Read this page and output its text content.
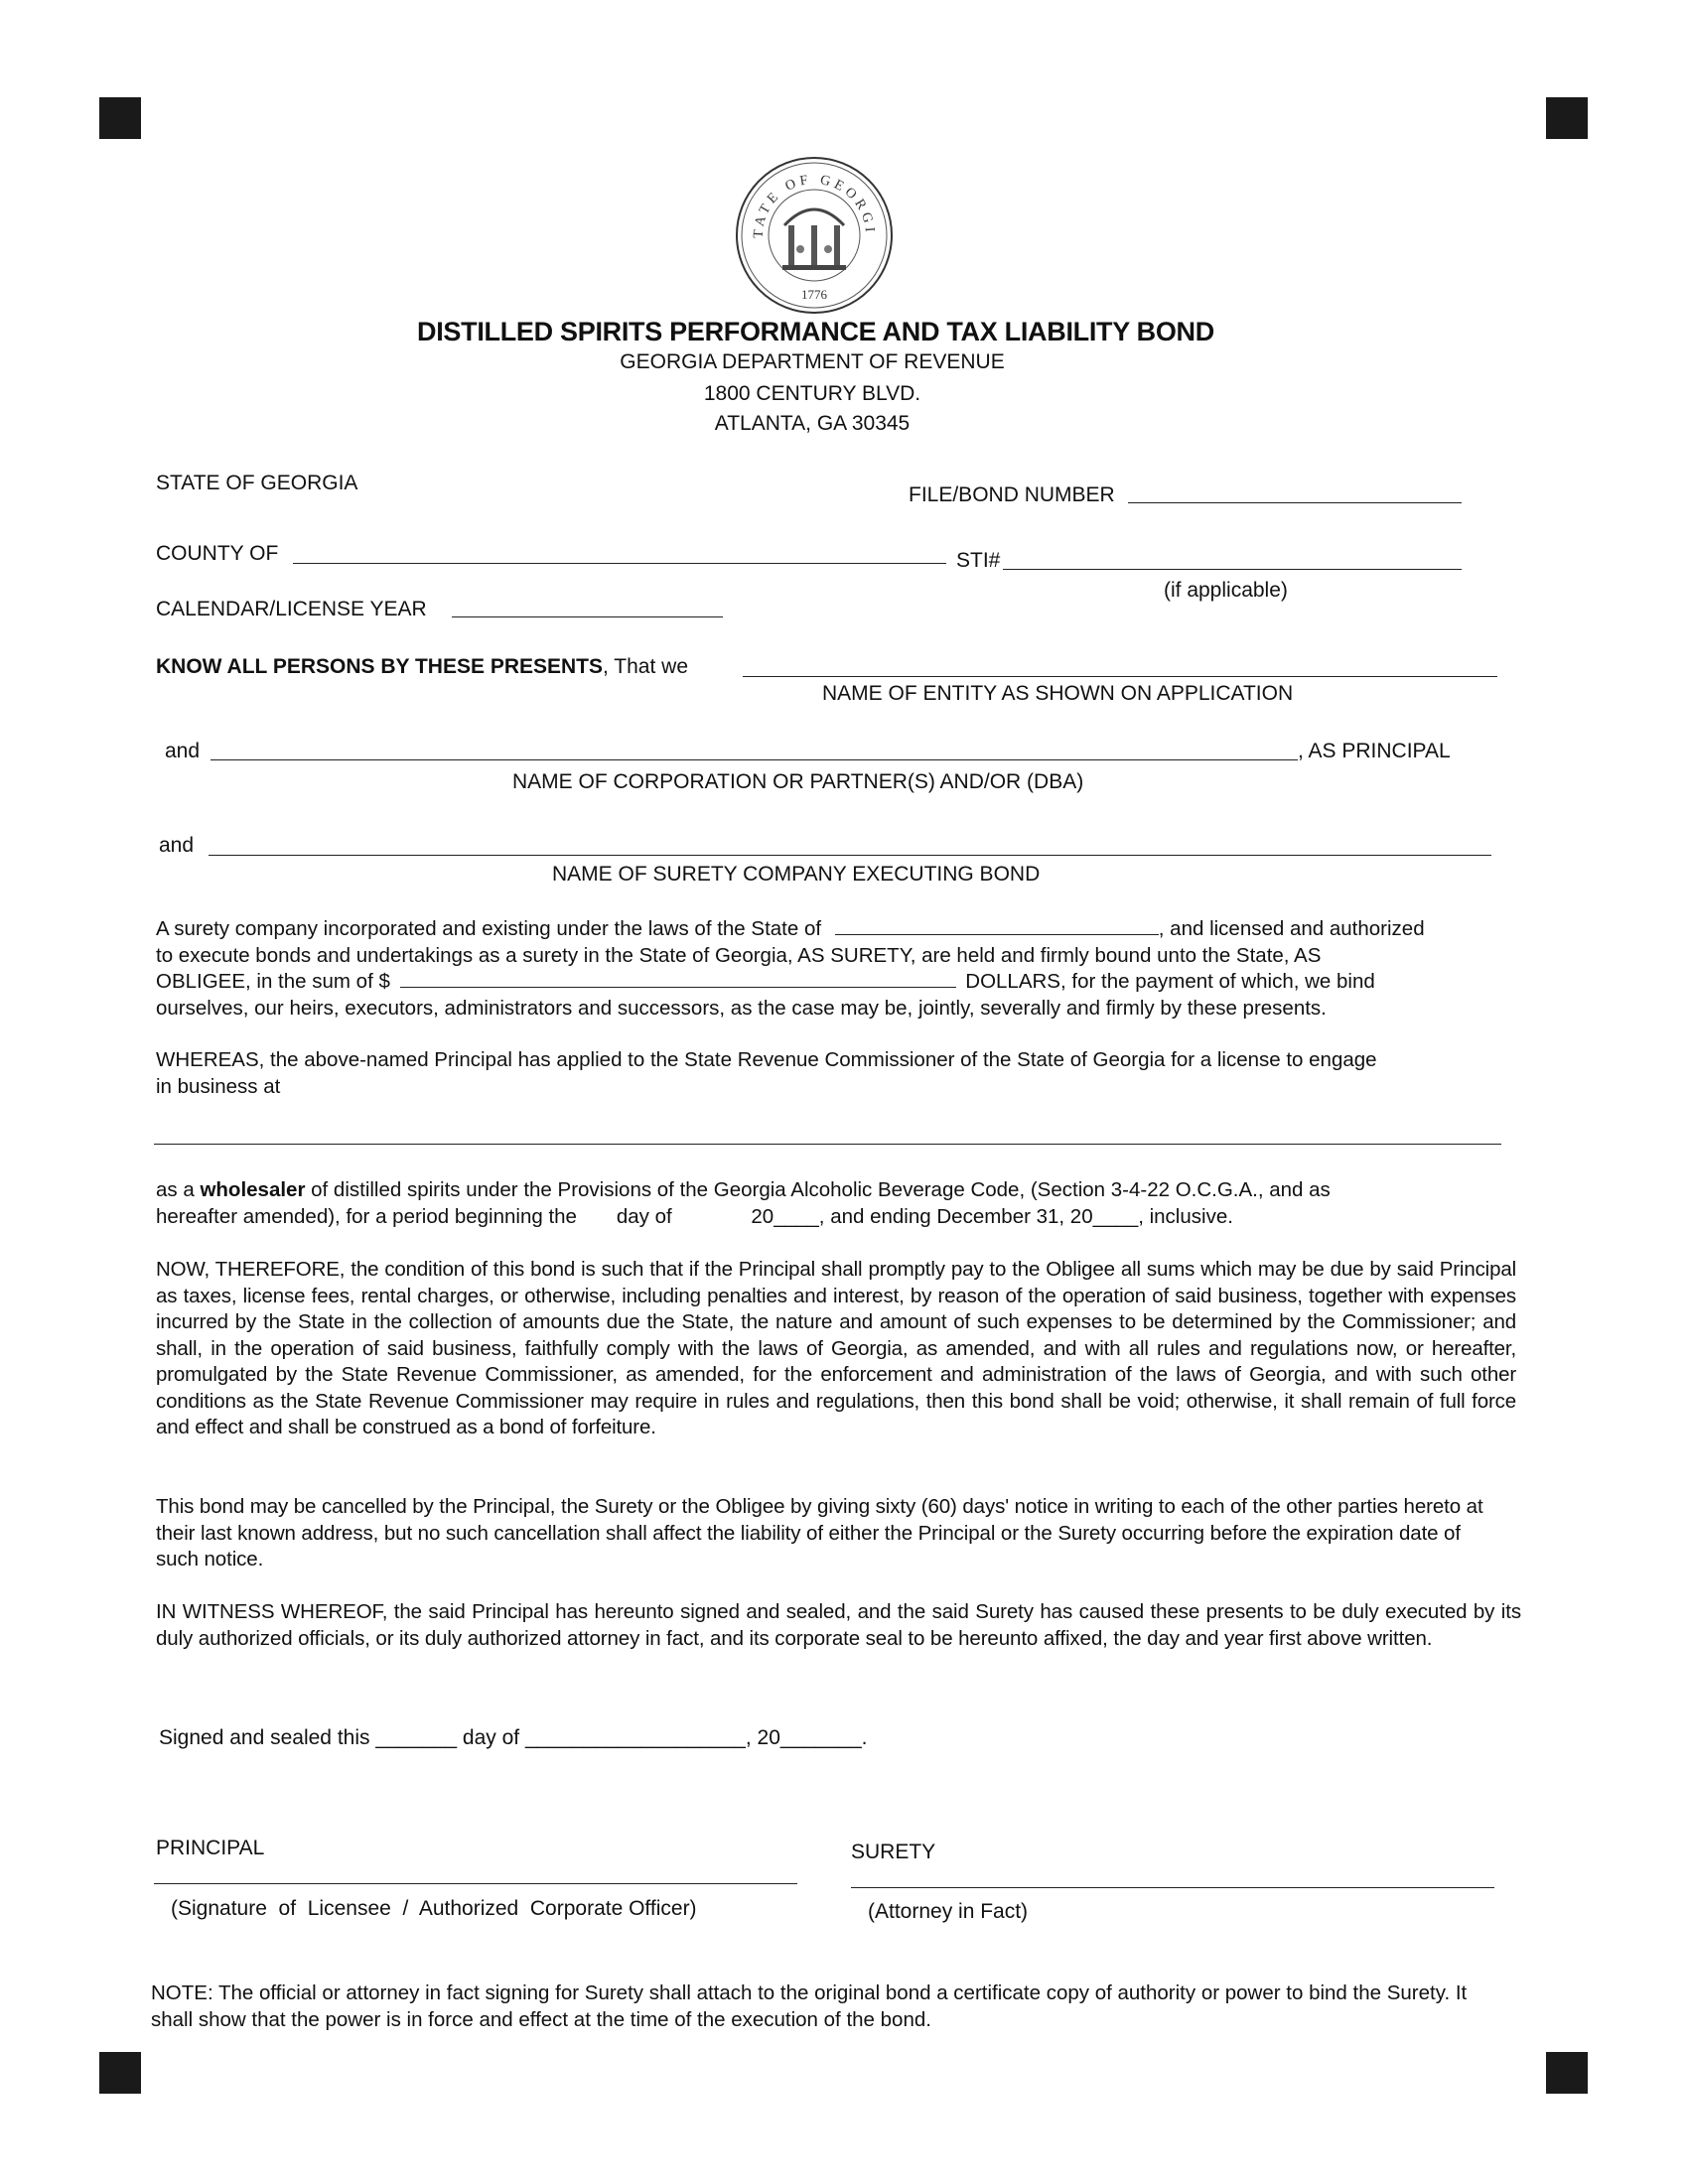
TATE OF GEORGI
1776
DISTILLED SPIRITS PERFORMANCE AND TAX LIABILITY BOND
GEORGIA DEPARTMENT OF REVENUE
1800 CENTURY BLVD.
ATLANTA, GA 30345
STATE OF GEORGIA
FILE/BOND NUMBER
COUNTY OF	STI#
(if applicable)
CALENDAR/LICENSE YEAR
KNOW ALL PERSONS BY THESE PRESENTS, That we
NAME OF ENTITY AS SHOWN ON APPLICATION
and	, AS PRINCIPAL
NAME OF CORPORATION OR PARTNER(S) AND/OR (DBA)
and
NAME OF SURETY COMPANY EXECUTING BOND

A surety company incorporated and existing under the laws of the State of	, and licensed and authorized

to execute bonds and undertakings as a surety in the State of Georgia, AS SURETY, are held and firmly bound unto the State, AS

OBLIGEE, in the sum of $	DOLLARS, for the payment of which, we bind

ourselves, our heirs, executors, administrators and successors, as the case may be, jointly, severally and firmly by these presents.

WHEREAS, the above-named Principal has applied to the State Revenue Commissioner of the State of Georgia for a license to engage

in business at

as a wholesaler of distilled spirits under the Provisions of the Georgia Alcoholic Beverage Code, (Section 3-4-22 O.C.G.A., and as

hereafter amended), for a period beginning the       day of              20____, and ending December 31, 20____, inclusive.

NOW, THEREFORE, the condition of this bond is such that if the Principal shall promptly pay to the Obligee all sums which may be due by said Principal as taxes, license fees, rental charges, or otherwise, including penalties and interest, by reason of the operation of said business, together with expenses incurred by the State in the collection of amounts due the State, the nature and amount of such expenses to be determined by the Commissioner; and shall, in the operation of said business, faithfully comply with the laws of Georgia, as amended, and with all rules and regulations now, or hereafter, promulgated by the State Revenue Commissioner, as amended, for the enforcement and administration of the laws of Georgia, and with such other conditions as the State Revenue Commissioner may require in rules and regulations, then this bond shall be void; otherwise, it shall remain of full force and effect and shall be construed as a bond of forfeiture.
This bond may be cancelled by the Principal, the Surety or the Obligee by giving sixty (60) days' notice in writing to each of the other parties hereto at their last known address, but no such cancellation shall affect the liability of either the Principal or the Surety occurring before the expiration date of such notice.
IN WITNESS WHEREOF, the said Principal has hereunto signed and sealed, and the said Surety has caused these presents to be duly executed by its duly authorized officials, or its duly authorized attorney in fact, and its corporate seal to be hereunto affixed, the day and year first above written.
Signed and sealed this _______ day of ___________________, 20_______.
PRINCIPAL
(Signature  of  Licensee  /  Authorized  Corporate Officer)
SURETY
(Attorney in Fact)
NOTE: The official or attorney in fact signing for Surety shall attach to the original bond a certificate copy of authority or power to bind the Surety. It shall show that the power is in force and effect at the time of the execution of the bond.
